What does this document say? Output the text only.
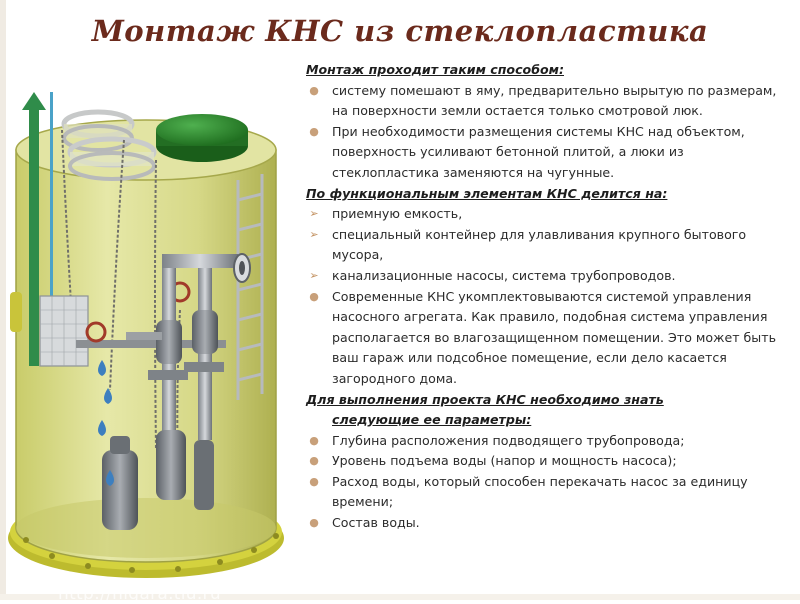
Монтаж КНС из стеклопластика
http://higara.tiu.ru

Монтаж проходит таким способом:

● систему помешают в яму, предварительно вырытую по размерам, на поверхности земли остается только смотровой люк.

● При необходимости размещения системы КНС над объектом, поверхность усиливают бетонной плитой, а люки из стеклопластика заменяются на чугунные.

По функциональным элементам КНС делится на:

➢ приемную емкость,

➢ специальный контейнер для улавливания крупного бытового мусора,

➢ канализационные насосы, система трубопроводов.

● Современные КНС укомплектовываются системой управления насосного агрегата. Как правило, подобная система управления располагается во влагозащищенном помещении. Это может быть ваш гараж или подсобное помещение, если дело касается загородного дома.

Для выполнения проекта КНС необходимо знать

следующие ее параметры:

● Глубина расположения подводящего трубопровода;

● Уровень подъема воды (напор и мощность насоса);

● Расход воды, который способен перекачать насос за единицу времени;

● Состав воды.
